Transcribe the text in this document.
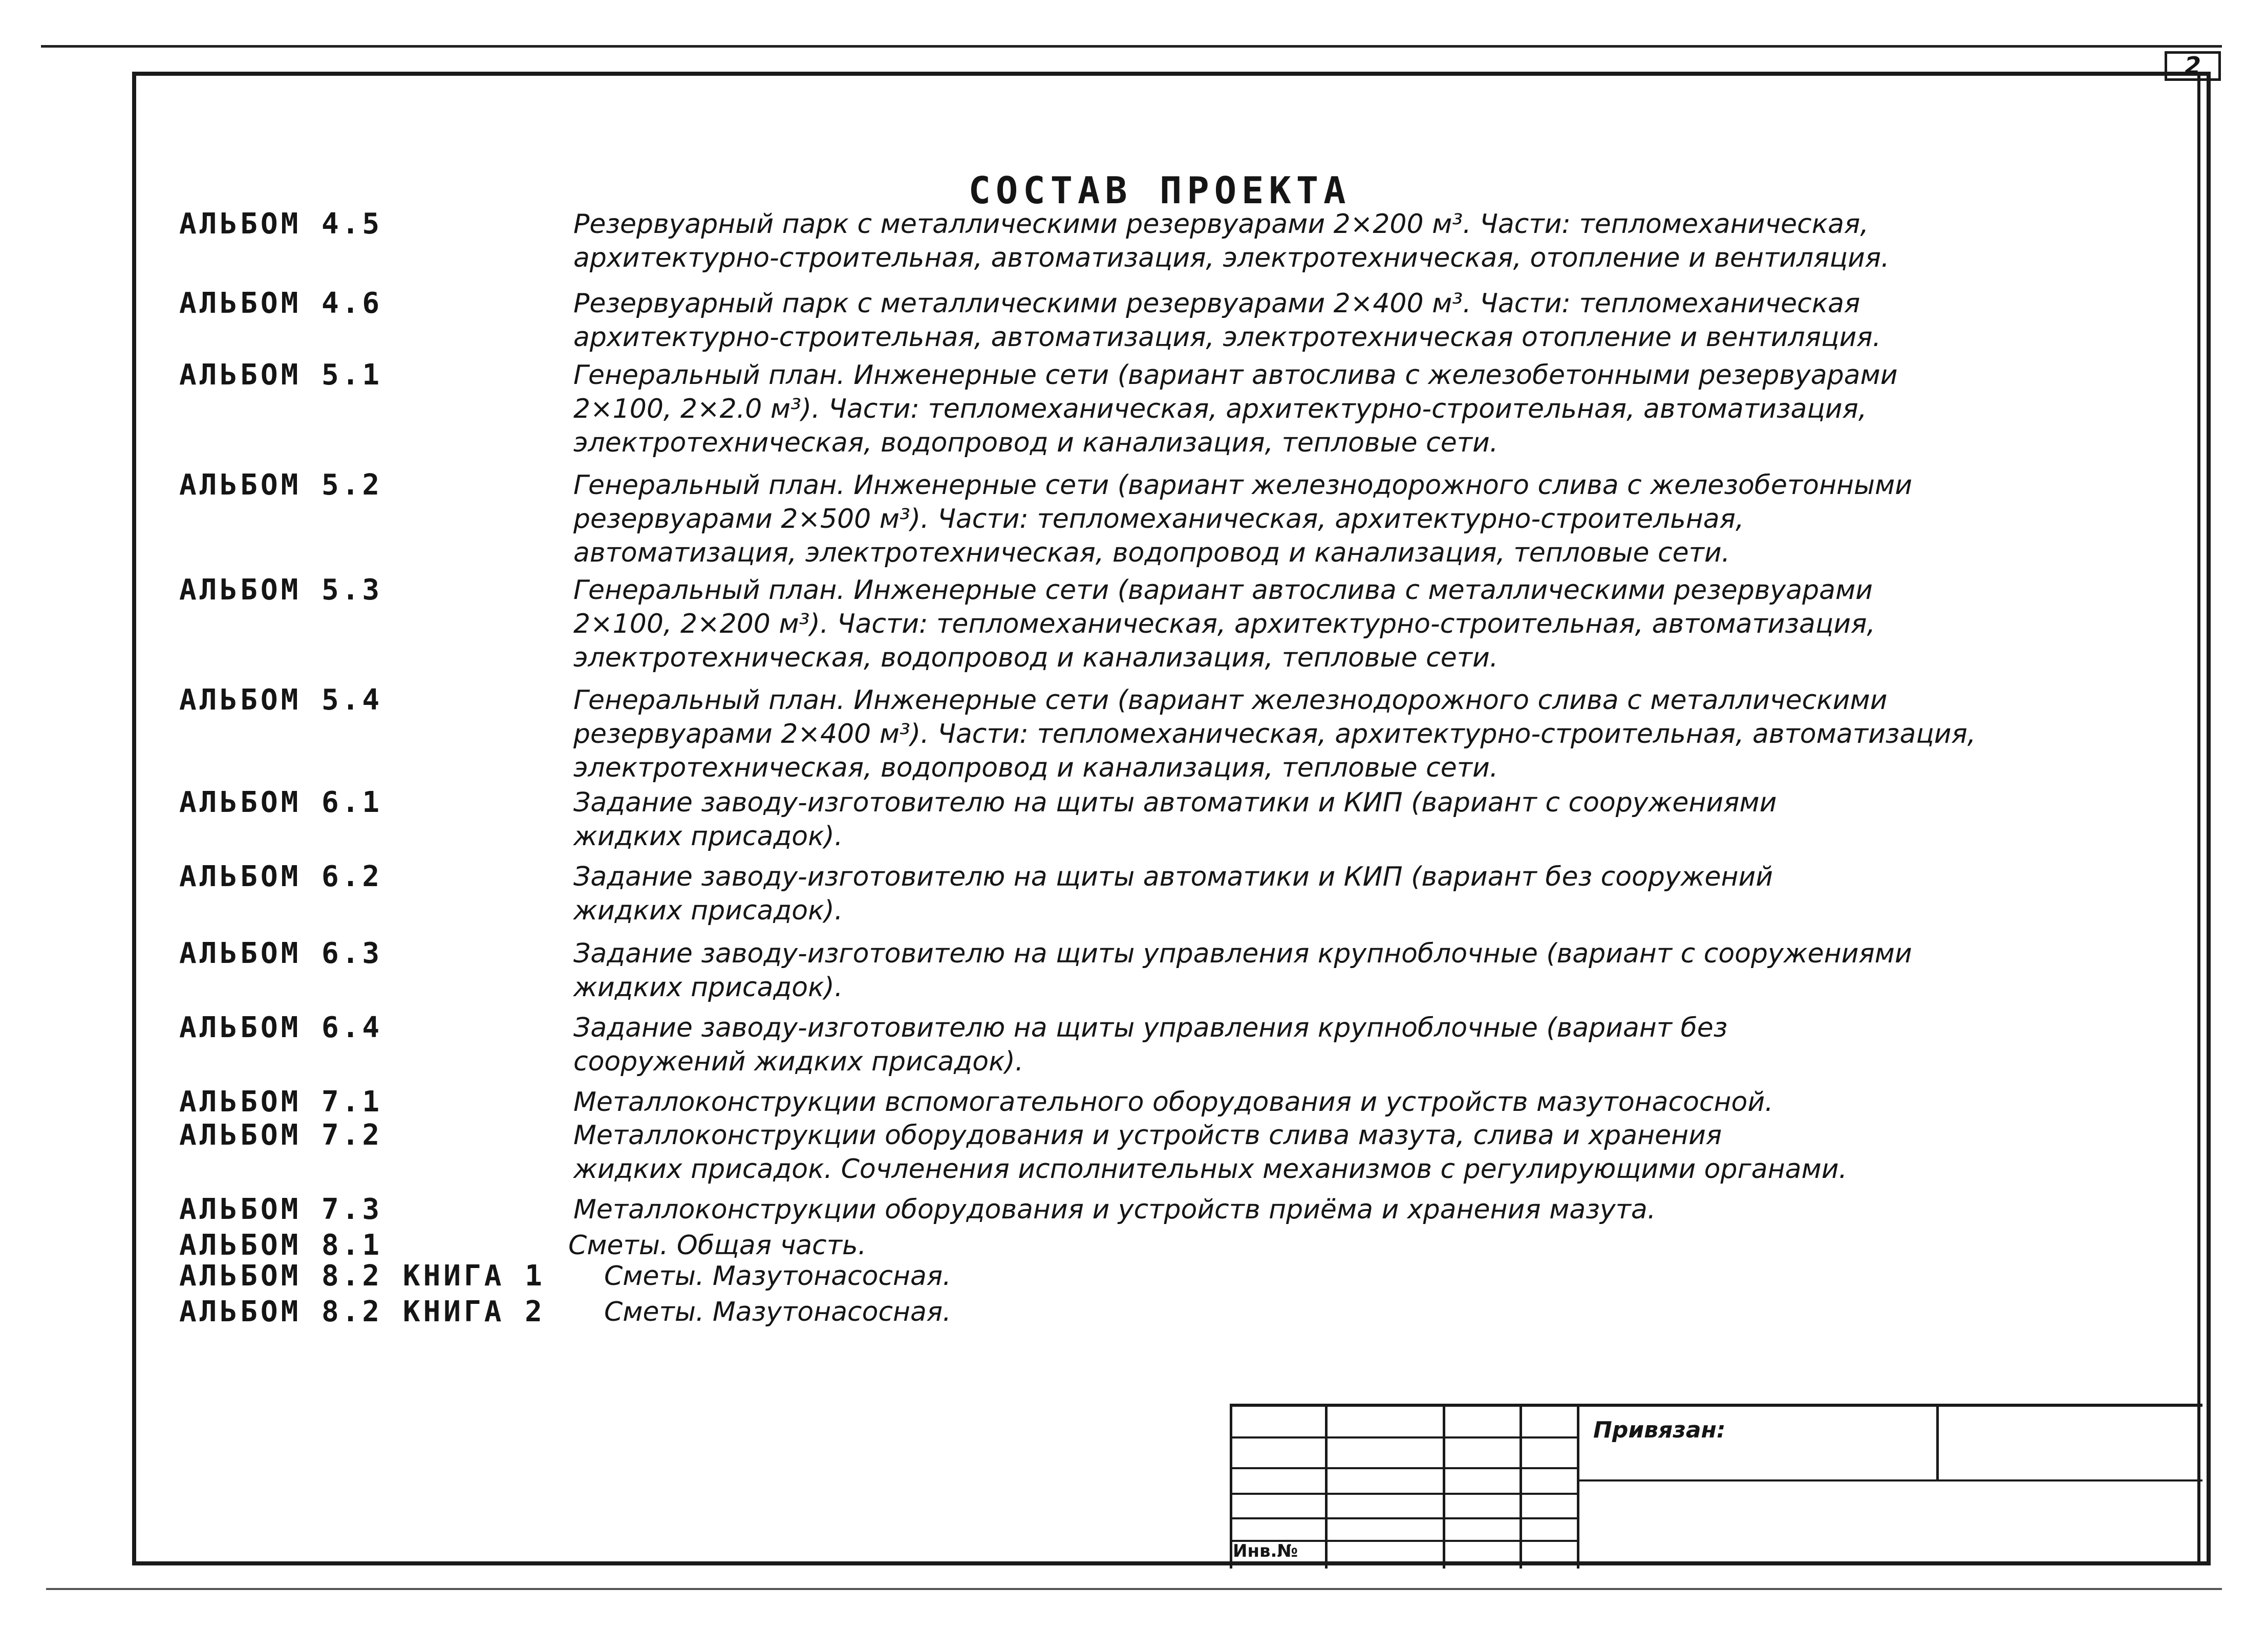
2
СОСТАВ ПРОЕКТА
АЛЬБОМ 4.5	Резервуарный парк с металлическими резервуарами 2×200 м³. Части: тепломеханическая,
архитектурно-строительная, автоматизация, электротехническая, отопление и вентиляция.
АЛЬБОМ 4.6	Резервуарный парк с металлическими резервуарами 2×400 м³. Части: тепломеханическая
архитектурно-строительная, автоматизация, электротехническая отопление и вентиляция.
АЛЬБОМ 5.1	Генеральный план. Инженерные сети (вариант автослива с железобетонными резервуарами
2×100, 2×2.0 м³). Части: тепломеханическая, архитектурно-строительная, автоматизация,
электротехническая, водопровод и канализация, тепловые сети.
АЛЬБОМ 5.2	Генеральный план. Инженерные сети (вариант железнодорожного слива с железобетонными
резервуарами 2×500 м³). Части: тепломеханическая, архитектурно-строительная,
автоматизация, электротехническая, водопровод и канализация, тепловые сети.
АЛЬБОМ 5.3	Генеральный план. Инженерные сети (вариант автослива с металлическими резервуарами
2×100, 2×200 м³). Части: тепломеханическая, архитектурно-строительная, автоматизация,
электротехническая, водопровод и канализация, тепловые сети.
АЛЬБОМ 5.4	Генеральный план. Инженерные сети (вариант железнодорожного слива с металлическими
резервуарами 2×400 м³). Части: тепломеханическая, архитектурно-строительная, автоматизация,
электротехническая, водопровод и канализация, тепловые сети.
АЛЬБОМ 6.1	Задание заводу-изготовителю на щиты автоматики и КИП (вариант с сооружениями
жидких присадок).
АЛЬБОМ 6.2	Задание заводу-изготовителю на щиты автоматики и КИП (вариант без сооружений
жидких присадок).
АЛЬБОМ 6.3	Задание заводу-изготовителю на щиты управления крупноблочные (вариант с сооружениями
жидких присадок).
АЛЬБОМ 6.4	Задание заводу-изготовителю на щиты управления крупноблочные (вариант без
сооружений жидких присадок).
АЛЬБОМ 7.1	Металлоконструкции вспомогательного оборудования и устройств мазутонасосной.
АЛЬБОМ 7.2	Металлоконструкции оборудования и устройств слива мазута, слива и хранения
жидких присадок. Сочленения исполнительных механизмов с регулирующими органами.
АЛЬБОМ 7.3	Металлоконструкции оборудования и устройств приёма и хранения мазута.
АЛЬБОМ 8.1	Сметы. Общая часть.
АЛЬБОМ 8.2 КНИГА 1 Сметы. Мазутонасосная.
АЛЬБОМ 8.2 КНИГА 2 Сметы. Мазутонасосная.
Привязан:
Инв.№
